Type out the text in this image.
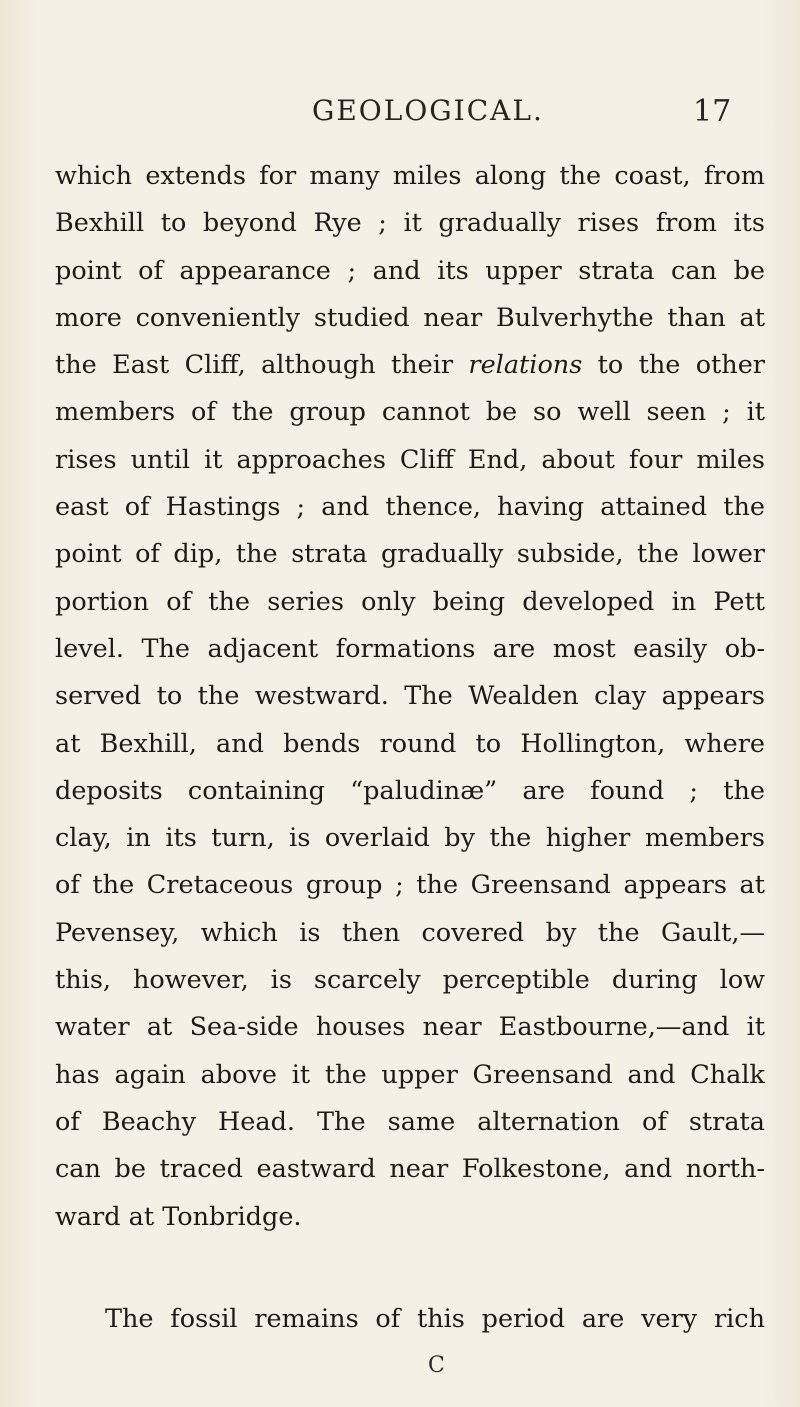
GEOLOGICAL.	17
which extends for many miles along the coast, from
Bexhill to beyond Rye ; it gradually rises from its
point of appearance ; and its upper strata can be
more conveniently studied near Bulverhythe than at
the East Cliff, although their relations to the other
members of the group cannot be so well seen ; it
rises until it approaches Cliff End, about four miles
east of Hastings ; and thence, having attained the
point of dip, the strata gradually subside, the lower
portion of the series only being developed in Pett
level. The adjacent formations are most easily ob-
served to the westward. The Wealden clay appears
at Bexhill, and bends round to Hollington, where
deposits containing “paludinæ” are found ; the
clay, in its turn, is overlaid by the higher members
of the Cretaceous group ; the Greensand appears at
Pevensey, which is then covered by the Gault,—
this, however, is scarcely perceptible during low
water at Sea-side houses near Eastbourne,—and it
has again above it the upper Greensand and Chalk
of Beachy Head. The same alternation of strata
can be traced eastward near Folkestone, and north-
ward at Tonbridge.
The fossil remains of this period are very rich
C
